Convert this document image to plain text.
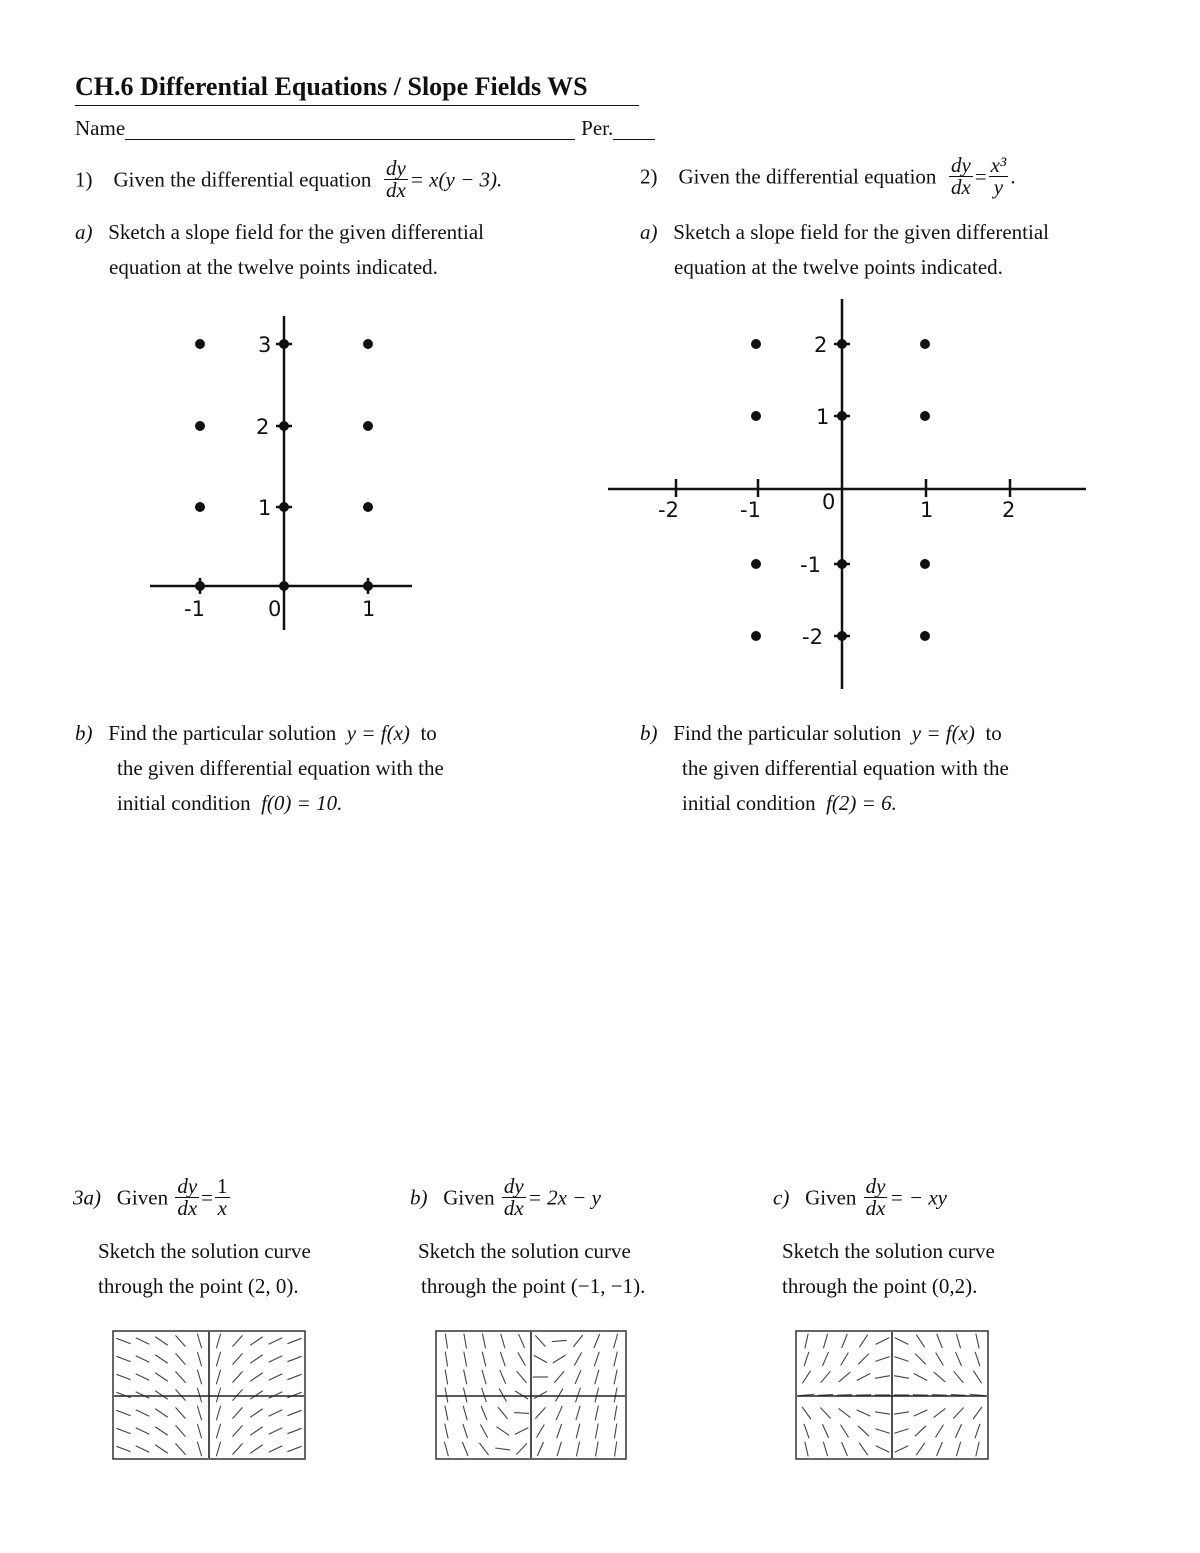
CH.6 Differential Equations / Slope Fields WS
Name	Per.
1) Given the differential equation $\frac{dy}{dx} = x(y - 3)$.
a) Sketch a slope field for the given differential
equation at the twelve points indicated.
3
2
1
-1	0	1
b) Find the particular solution y = f(x) to
the given differential equation with the
initial condition f(0) = 10.
2) Given the differential equation $\frac{dy}{dx} = \frac{\text{x³}}{y}$ .
a) Sketch a slope field for the given differential
equation at the twelve points indicated.
2
1
-1
-2
-2	-1	0	1	2
b) Find the particular solution y = f(x) to
the given differential equation with the
initial condition f(2) = 6.
3a) Given $\frac{dy}{dx} = \frac{1}{x}$
Sketch the solution curve
through the point (2, 0).
b) Given $\frac{dy}{dx} = 2x - y$
Sketch the solution curve
through the point (−1, −1).
c) Given $\frac{dy}{dx}$ = − xy
Sketch the solution curve
through the point (0,2).
